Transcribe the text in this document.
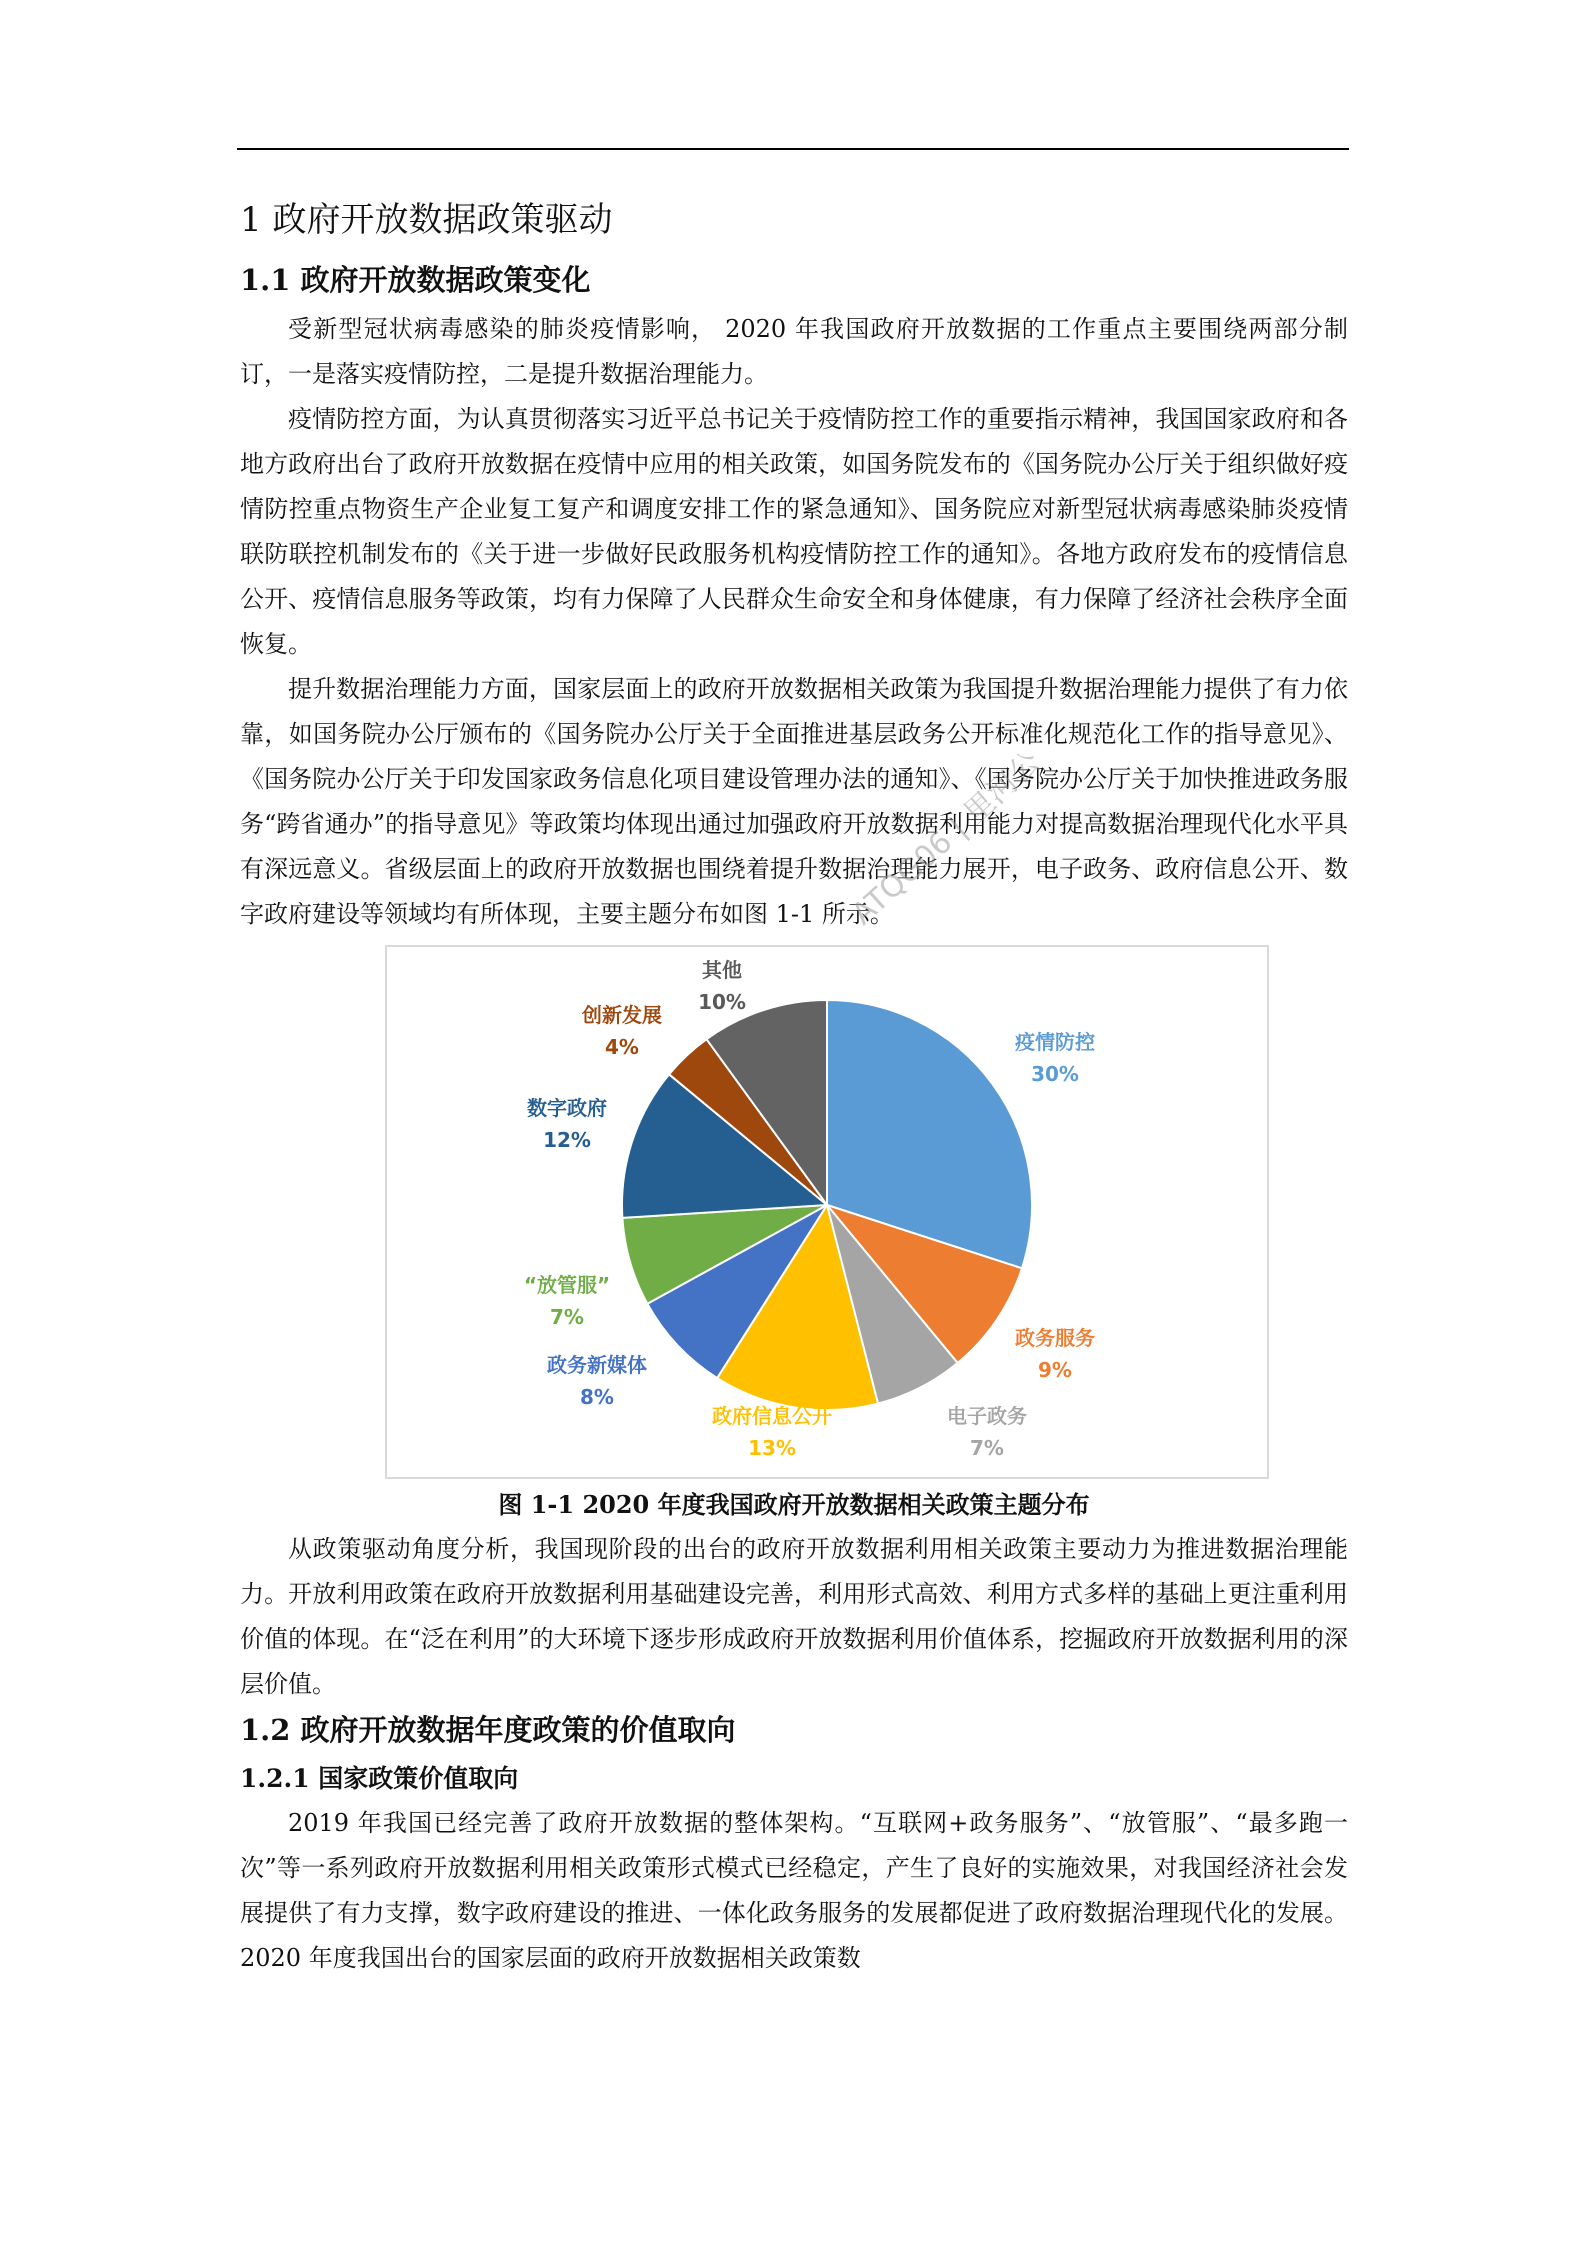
1 政府开放数据政策驱动
1.1 政府开放数据政策变化

受新型冠状病毒感染的肺炎疫情影响， 2020 年我国政府开放数据的工作重点主要围绕两部分制订，一是落实疫情防控，二是提升数据治理能力。

疫情防控方面，为认真贯彻落实习近平总书记关于疫情防控工作的重要指示精神，我国国家政府和各地方政府出台了政府开放数据在疫情中应用的相关政策，如国务院发布的《国务院办公厅关于组织做好疫情防控重点物资生产企业复工复产和调度安排工作的紧急通知》、国务院应对新型冠状病毒感染肺炎疫情联防联控机制发布的《关于进一步做好民政服务机构疫情防控工作的通知》。各地方政府发布的疫情信息公开、疫情信息服务等政策，均有力保障了人民群众生命安全和身体健康，有力保障了经济社会秩序全面恢复。

提升数据治理能力方面，国家层面上的政府开放数据相关政策为我国提升数据治理能力提供了有力依靠，如国务院办公厅颁布的《国务院办公厅关于全面推进基层政务公开标准化规范化工作的指导意见》、《国务院办公厅关于印发国家政务信息化项目建设管理办法的通知》、《国务院办公厅关于加快推进政务服务“跨省通办”的指导意见》等政策均体现出通过加强政府开放数据利用能力对提高数据治理现代化水平具有深远意义。省级层面上的政府开放数据也围绕着提升数据治理能力展开，电子政务、政府信息公开、数字政府建设等领域均有所体现，主要主题分布如图 1-1 所示。

疫情防控
30%
政务服务
9%
电子政务
7%
政府信息公开
13%
政务新媒体
8%
“放管服”
7%
数字政府
12%
创新发展
4%
其他
10%
图 1-1 2020 年度我国政府开放数据相关政策主题分布

从政策驱动角度分析，我国现阶段的出台的政府开放数据利用相关政策主要动力为推进数据治理能力。开放利用政策在政府开放数据利用基础建设完善，利用形式高效、利用方式多样的基础上更注重利用价值的体现。在“泛在利用”的大环境下逐步形成政府开放数据利用价值体系，挖掘政府开放数据利用的深层价值。

1.2 政府开放数据年度政策的价值取向
1.2.1 国家政策价值取向

2019 年我国已经完善了政府开放数据的整体架构。“互联网+政务服务”、“放管服”、“最多跑一次”等一系列政府开放数据利用相关政策形式模式已经稳定，产生了良好的实施效果，对我国经济社会发展提供了有力支撑，数字政府建设的推进、一体化政务服务的发展都促进了政府数据治理现代化的发展。2020 年度我国出台的国家层面的政府开放数据相关政策数

ATQG06 | 里河公
